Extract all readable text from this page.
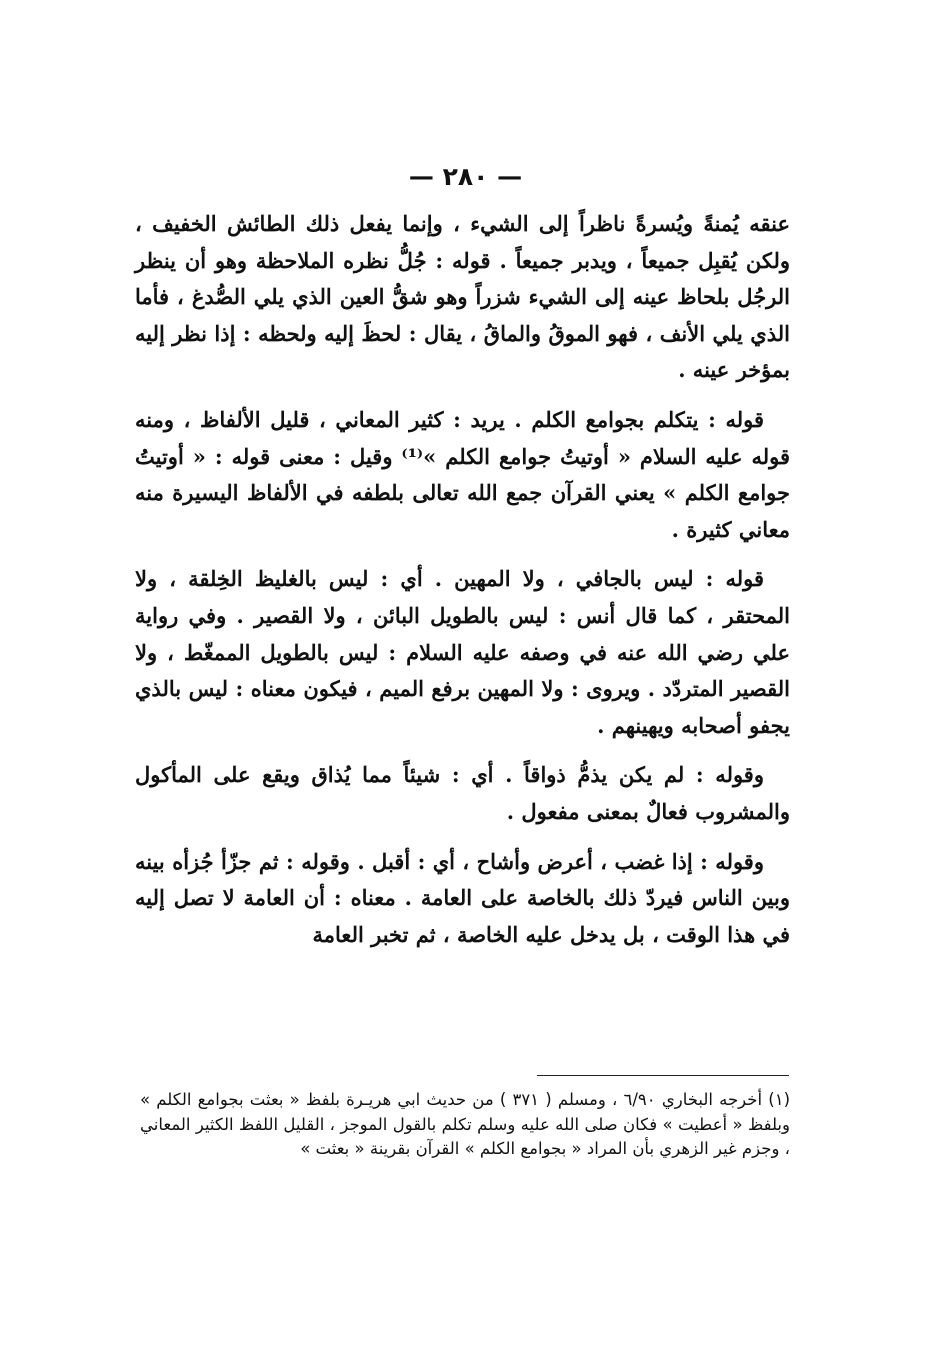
— ٢٨٠ —

عنقه يُمنةً ويُسرةً ناظراً إلى الشيء ، وإنما يفعل ذلك الطائش الخفيف ، ولكن يُقبِل جميعاً ، ويدبر جميعاً . قوله : جُلُّ نظره الملاحظة وهو أن ينظر الرجُل بلحاظ عينه إلى الشيء شزراً وهو شقُّ العين الذي يلي الصُّدغ ، فأما الذي يلي الأنف ، فهو الموقُ والماقُ ، يقال : لحظَ إليه ولحظه : إذا نظر إليه بمؤخر عينه .

قوله : يتكلم بجوامع الكلم . يريد : كثير المعاني ، قليل الألفاظ ، ومنه قوله عليه السلام « أوتيتُ جوامع الكلم »⁽¹⁾ وقيل : معنى قوله : « أوتيتُ جوامع الكلم » يعني القرآن جمع الله تعالى بلطفه في الألفاظ اليسيرة منه معاني كثيرة .

قوله : ليس بالجافي ، ولا المهين . أي : ليس بالغليظ الخِلقة ، ولا المحتقر ، كما قال أنس : ليس بالطويل البائن ، ولا القصير . وفي رواية علي رضي الله عنه في وصفه عليه السلام : ليس بالطويل الممغّط ، ولا القصير المتردّد . ويروى : ولا المهين برفع الميم ، فيكون معناه : ليس بالذي يجفو أصحابه ويهينهم .

وقوله : لم يكن يذمُّ ذواقاً . أي : شيئاً مما يُذاق ويقع على المأكول والمشروب فعالٌ بمعنى مفعول .

وقوله : إذا غضب ، أعرض وأشاح ، أي : أقبل . وقوله : ثم جزّأ جُزأه بينه وبين الناس فيردّ ذلك بالخاصة على العامة . معناه : أن العامة لا تصل إليه في هذا الوقت ، بل يدخل عليه الخاصة ، ثم تخبر العامة

(١) أخرجه البخاري ٦/٩٠ ، ومسلم ( ٣٧١ ) من حديث ابي هريـرة بلفظ « بعثت بجوامع الكلم » وبلفظ « أعطيت » فكان صلى الله عليه وسلم تكلم بالقول الموجز ، القليل اللفظ الكثير المعاني ، وجزم غير الزهري بأن المراد « بجوامع الكلم » القرآن بقرينة « بعثت »
